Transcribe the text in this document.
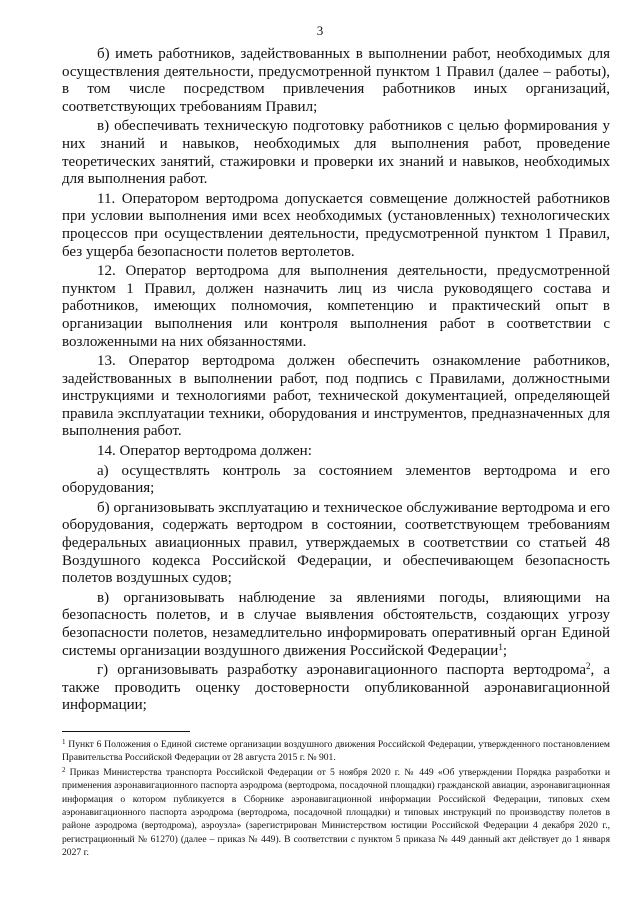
3

б) иметь работников, задействованных в выполнении работ, необходимых для осуществления деятельности, предусмотренной пунктом 1 Правил (далее – работы), в том числе посредством привлечения работников иных организаций, соответствующих требованиям Правил;

в) обеспечивать техническую подготовку работников с целью формирования у них знаний и навыков, необходимых для выполнения работ, проведение теоретических занятий, стажировки и проверки их знаний и навыков, необходимых для выполнения работ.

11. Оператором вертодрома допускается совмещение должностей работников при условии выполнения ими всех необходимых (установленных) технологических процессов при осуществлении деятельности, предусмотренной пунктом 1 Правил, без ущерба безопасности полетов вертолетов.

12. Оператор вертодрома для выполнения деятельности, предусмотренной пунктом 1 Правил, должен назначить лиц из числа руководящего состава и работников, имеющих полномочия, компетенцию и практический опыт в организации выполнения или контроля выполнения работ в соответствии с возложенными на них обязанностями.

13. Оператор вертодрома должен обеспечить ознакомление работников, задействованных в выполнении работ, под подпись с Правилами, должностными инструкциями и технологиями работ, технической документацией, определяющей правила эксплуатации техники, оборудования и инструментов, предназначенных для выполнения работ.

14. Оператор вертодрома должен:

а) осуществлять контроль за состоянием элементов вертодрома и его оборудования;

б) организовывать эксплуатацию и техническое обслуживание вертодрома и его оборудования, содержать вертодром в состоянии, соответствующем требованиям федеральных авиационных правил, утверждаемых в соответствии со статьей 48 Воздушного кодекса Российской Федерации, и обеспечивающем безопасность полетов воздушных судов;

в) организовывать наблюдение за явлениями погоды, влияющими на безопасность полетов, и в случае выявления обстоятельств, создающих угрозу безопасности полетов, незамедлительно информировать оперативный орган Единой системы организации воздушного движения Российской Федерации$^1$;

г) организовывать разработку аэронавигационного паспорта вертодрома$^2$, а также проводить оценку достоверности опубликованной аэронавигационной информации;

$^1$ Пункт 6 Положения о Единой системе организации воздушного движения Российской Федерации, утвержденного постановлением Правительства Российской Федерации от 28 августа 2015 г. № 901.

$^2$ Приказ Министерства транспорта Российской Федерации от 5 ноября 2020 г. № 449 «Об утверждении Порядка разработки и применения аэронавигационного паспорта аэродрома (вертодрома, посадочной площадки) гражданской авиации, аэронавигационная информация о котором публикуется в Сборнике аэронавигационной информации Российской Федерации, типовых схем аэронавигационного паспорта аэродрома (вертодрома, посадочной площадки) и типовых инструкций по производству полетов в районе аэродрома (вертодрома), аэроузла» (зарегистрирован Министерством юстиции Российской Федерации 4 декабря 2020 г., регистрационный № 61270) (далее – приказ № 449). В соответствии с пунктом 5 приказа № 449 данный акт действует до 1 января 2027 г.
